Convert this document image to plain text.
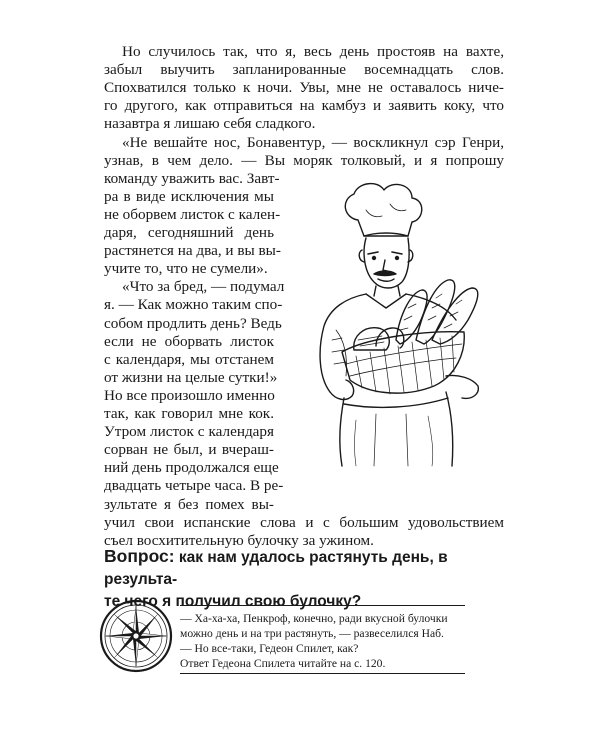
Но случилось так, что я, весь день простояв на вахте,
забыл выучить запланированные восемнадцать слов.
Спохватился только к ночи. Увы, мне не оставалось ниче-
го другого, как отправиться на камбуз и заявить коку, что
назавтра я лишаю себя сладкого.
«Не вешайте нос, Бонавентур, — воскликнул сэр Генри,
узнав, в чем дело. — Вы моряк толковый, и я попрошу
команду уважить вас. Завт-
ра в виде исключения мы
не оборвем листок с кален-
даря, сегодняшний день
растянется на два, и вы вы-
учите то, что не сумели».
«Что за бред, — подумал
я. — Как можно таким спо-
собом продлить день? Ведь
если не оборвать листок
с календаря, мы отстанем
от жизни на целые сутки!»
Но все произошло именно
так, как говорил мне кок.
Утром листок с календаря
сорван не был, и вчераш-
ний день продолжался еще
двадцать четыре часа. В ре-
зультате я без помех вы-
Вопрос: как нам удалось растянуть день, в результа-
те чего я получил свою булочку?
— Ха-ха-ха, Пенкроф, конечно, ради вкусной булочки
можно день и на три растянуть, — развеселился Наб.
— Но все-таки, Гедеон Спилет, как?
Ответ Гедеона Спилета читайте на с. 120.
учил свои испанские слова и с большим удовольствием
съел восхитительную булочку за ужином.
